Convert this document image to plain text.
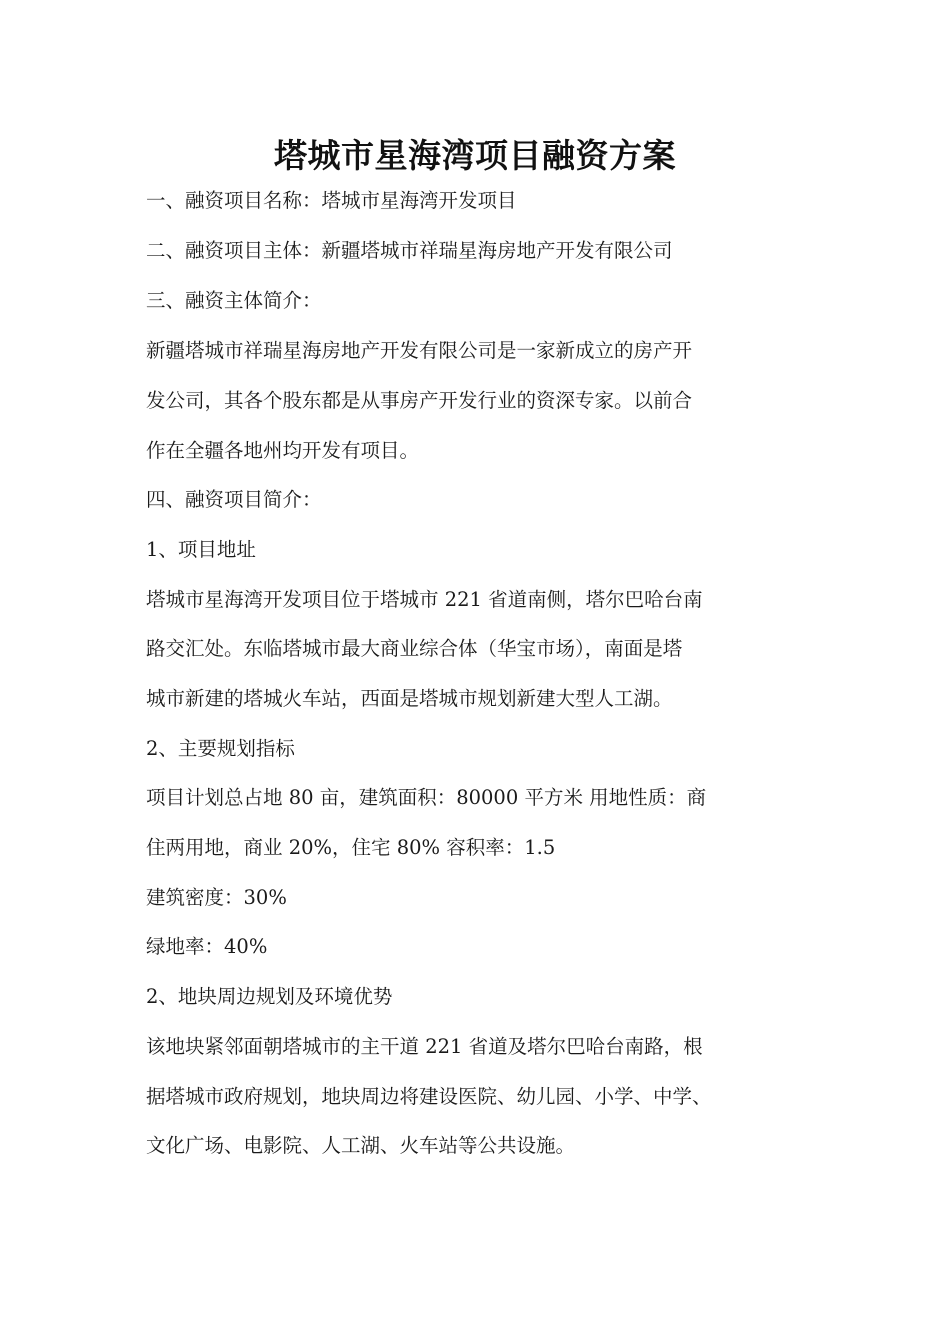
塔城市星海湾项目融资方案
一、融资项目名称：塔城市星海湾开发项目
二、融资项目主体：新疆塔城市祥瑞星海房地产开发有限公司
三、融资主体简介：
新疆塔城市祥瑞星海房地产开发有限公司是一家新成立的房产开
发公司，其各个股东都是从事房产开发行业的资深专家。以前合
作在全疆各地州均开发有项目。
四、融资项目简介：
1、项目地址
塔城市星海湾开发项目位于塔城市 221 省道南侧，塔尔巴哈台南
路交汇处。东临塔城市最大商业综合体（华宝市场），南面是塔
城市新建的塔城火车站，西面是塔城市规划新建大型人工湖。
2、主要规划指标
项目计划总占地 80 亩，建筑面积：80000 平方米 用地性质：商
住两用地，商业 20%，住宅 80% 容积率：1.5
建筑密度：30%
绿地率：40%
2、地块周边规划及环境优势
该地块紧邻面朝塔城市的主干道 221 省道及塔尔巴哈台南路，根
据塔城市政府规划，地块周边将建设医院、幼儿园、小学、中学、
文化广场、电影院、人工湖、火车站等公共设施。
